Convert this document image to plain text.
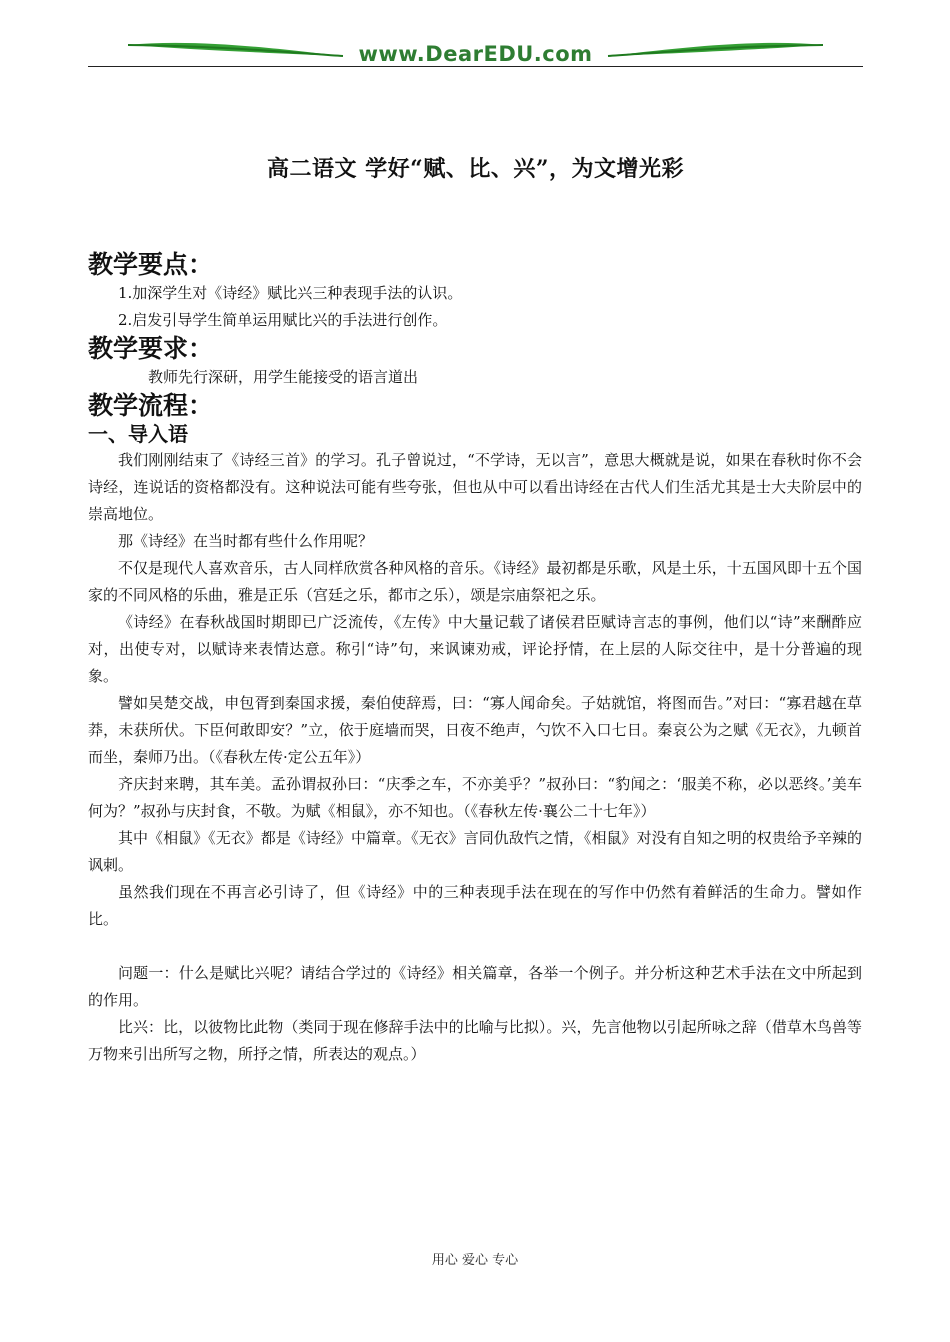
www.DearEDU.com
高二语文 学好“赋、比、兴”，为文增光彩
教学要点：

1.加深学生对《诗经》赋比兴三种表现手法的认识。

2.启发引导学生简单运用赋比兴的手法进行创作。

教学要求：

教师先行深研，用学生能接受的语言道出

教学流程：
一、导入语

我们刚刚结束了《诗经三首》的学习。孔子曾说过，“不学诗，无以言”，意思大概就是说，如果在春秋时你不会诗经，连说话的资格都没有。这种说法可能有些夸张，但也从中可以看出诗经在古代人们生活尤其是士大夫阶层中的崇高地位。

那《诗经》在当时都有些什么作用呢？

不仅是现代人喜欢音乐，古人同样欣赏各种风格的音乐。《诗经》最初都是乐歌，风是土乐，十五国风即十五个国家的不同风格的乐曲，雅是正乐（宫廷之乐，都市之乐），颂是宗庙祭祀之乐。

《诗经》在春秋战国时期即已广泛流传，《左传》中大量记载了诸侯君臣赋诗言志的事例，他们以“诗”来酬酢应对，出使专对，以赋诗来表情达意。称引“诗”句，来讽谏劝戒，评论抒情，在上层的人际交往中，是十分普遍的现象。

譬如吴楚交战，申包胥到秦国求援，秦伯使辞焉，曰：“寡人闻命矣。子姑就馆，将图而告。”对曰：“寡君越在草莽，未获所伏。下臣何敢即安？”立，依于庭墙而哭，日夜不绝声，勺饮不入口七日。秦哀公为之赋《无衣》，九顿首而坐，秦师乃出。（《春秋左传·定公五年》）

齐庆封来聘，其车美。孟孙谓叔孙曰：“庆季之车，不亦美乎？”叔孙曰：“豹闻之：‘服美不称，必以恶终。’美车何为？”叔孙与庆封食，不敬。为赋《相鼠》，亦不知也。（《春秋左传·襄公二十七年》）

其中《相鼠》《无衣》都是《诗经》中篇章。《无衣》言同仇敌忾之情，《相鼠》对没有自知之明的权贵给予辛辣的讽刺。

虽然我们现在不再言必引诗了，但《诗经》中的三种表现手法在现在的写作中仍然有着鲜活的生命力。譬如作比。

问题一：什么是赋比兴呢？请结合学过的《诗经》相关篇章，各举一个例子。并分析这种艺术手法在文中所起到的作用。

比兴：比，以彼物比此物（类同于现在修辞手法中的比喻与比拟）。兴，先言他物以引起所咏之辞（借草木鸟兽等万物来引出所写之物，所抒之情，所表达的观点。）

用心 爱心 专心
